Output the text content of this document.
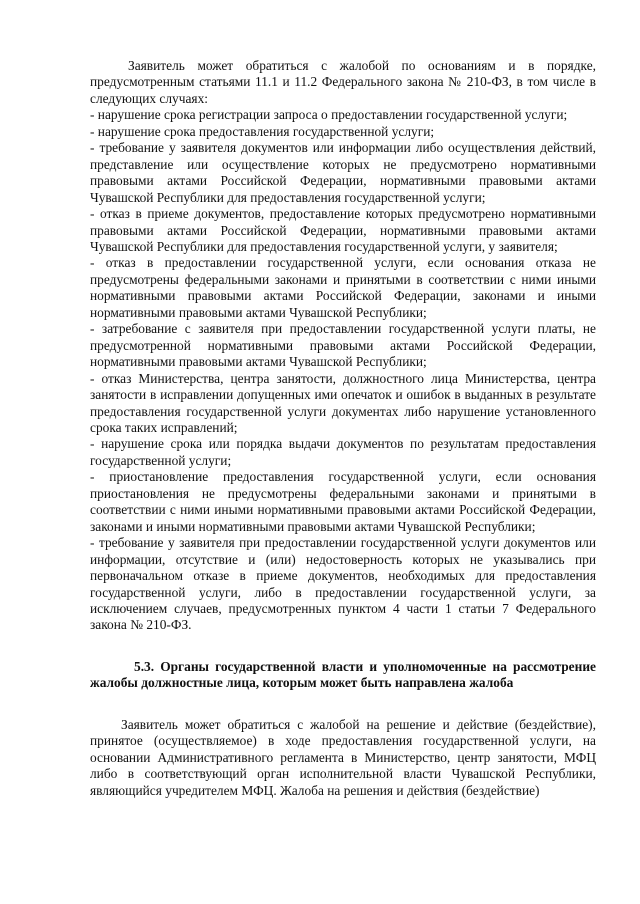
Заявитель может обратиться с жалобой по основаниям и в порядке, предусмотренным статьями 11.1 и 11.2 Федерального закона № 210-ФЗ, в том числе в следующих случаях:

- нарушение срока регистрации запроса о предоставлении государственной услуги;

- нарушение срока предоставления государственной услуги;

- требование у заявителя документов или информации либо осуществления действий, представление или осуществление которых не предусмотрено нормативными правовыми актами Российской Федерации, нормативными правовыми актами Чувашской Республики для предоставления государственной услуги;

- отказ в приеме документов, предоставление которых предусмотрено нормативными правовыми актами Российской Федерации, нормативными правовыми актами Чувашской Республики для предоставления государственной услуги, у заявителя;

- отказ в предоставлении государственной услуги, если основания отказа не предусмотрены федеральными законами и принятыми в соответствии с ними иными нормативными правовыми актами Российской Федерации, законами и иными нормативными правовыми актами Чувашской Республики;

- затребование с заявителя при предоставлении государственной услуги платы, не предусмотренной нормативными правовыми актами Российской Федерации, нормативными правовыми актами Чувашской Республики;

- отказ Министерства, центра занятости, должностного лица Министерства, центра занятости в исправлении допущенных ими опечаток и ошибок в выданных в результате предоставления государственной услуги документах либо нарушение установленного срока таких исправлений;

- нарушение срока или порядка выдачи документов по результатам предоставления государственной услуги;

- приостановление предоставления государственной услуги, если основания приостановления не предусмотрены федеральными законами и принятыми в соответствии с ними иными нормативными правовыми актами Российской Федерации, законами и иными нормативными правовыми актами Чувашской Республики;

- требование у заявителя при предоставлении государственной услуги документов или информации, отсутствие и (или) недостоверность которых не указывались при первоначальном отказе в приеме документов, необходимых для предоставления государственной услуги, либо в предоставлении государственной услуги, за исключением случаев, предусмотренных пунктом 4 части 1 статьи 7 Федерального закона № 210-ФЗ.

5.3. Органы государственной власти и уполномоченные на рассмотрение жалобы должностные лица, которым может быть направлена жалоба

Заявитель может обратиться с жалобой на решение и действие (бездействие), принятое (осуществляемое) в ходе предоставления государственной услуги, на основании Административного регламента в Министерство, центр занятости, МФЦ либо в соответствующий орган исполнительной власти Чувашской Республики, являющийся учредителем МФЦ. Жалоба на решения и действия (бездействие)
